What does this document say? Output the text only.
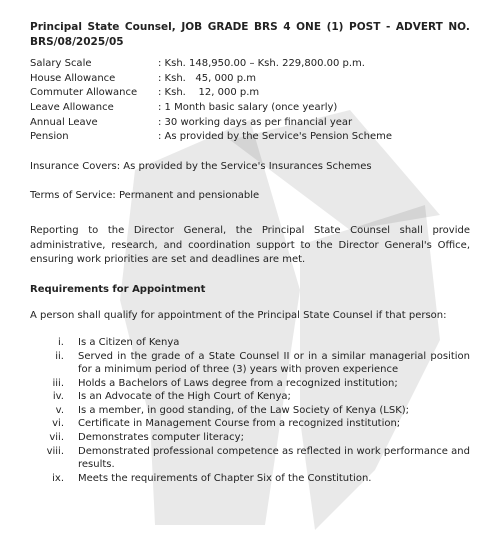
Principal State Counsel, JOB GRADE BRS 4 ONE (1) POST - ADVERT NO.
BRS/08/2025/05
Salary Scale	: Ksh. 148,950.00 – Ksh. 229,800.00 p.m.
House Allowance	: Ksh.   45, 000 p.m
Commuter Allowance	: Ksh.    12, 000 p.m
Leave Allowance	: 1 Month basic salary (once yearly)
Annual Leave	: 30 working days as per financial year
Pension	: As provided by the Service's Pension Scheme
Insurance Covers: As provided by the Service's Insurances Schemes
Terms of Service: Permanent and pensionable
Reporting to the Director General, the Principal State Counsel shall provide administrative, research, and coordination support to the Director General's Office, ensuring work priorities are set and deadlines are met.
Requirements for Appointment
A person shall qualify for appointment of the Principal State Counsel if that person:
i.	Is a Citizen of Kenya
ii.	Served in the grade of a State Counsel II or in a similar managerial position for a minimum period of three (3) years with proven experience
iii.	Holds a Bachelors of Laws degree from a recognized institution;
iv.	Is an Advocate of the High Court of Kenya;
v.	Is a member, in good standing, of the Law Society of Kenya (LSK);
vi.	Certificate in Management Course from a recognized institution;
vii.	Demonstrates computer literacy;
viii.	Demonstrated professional competence as reflected in work performance and results.
ix.	Meets the requirements of Chapter Six of the Constitution.
